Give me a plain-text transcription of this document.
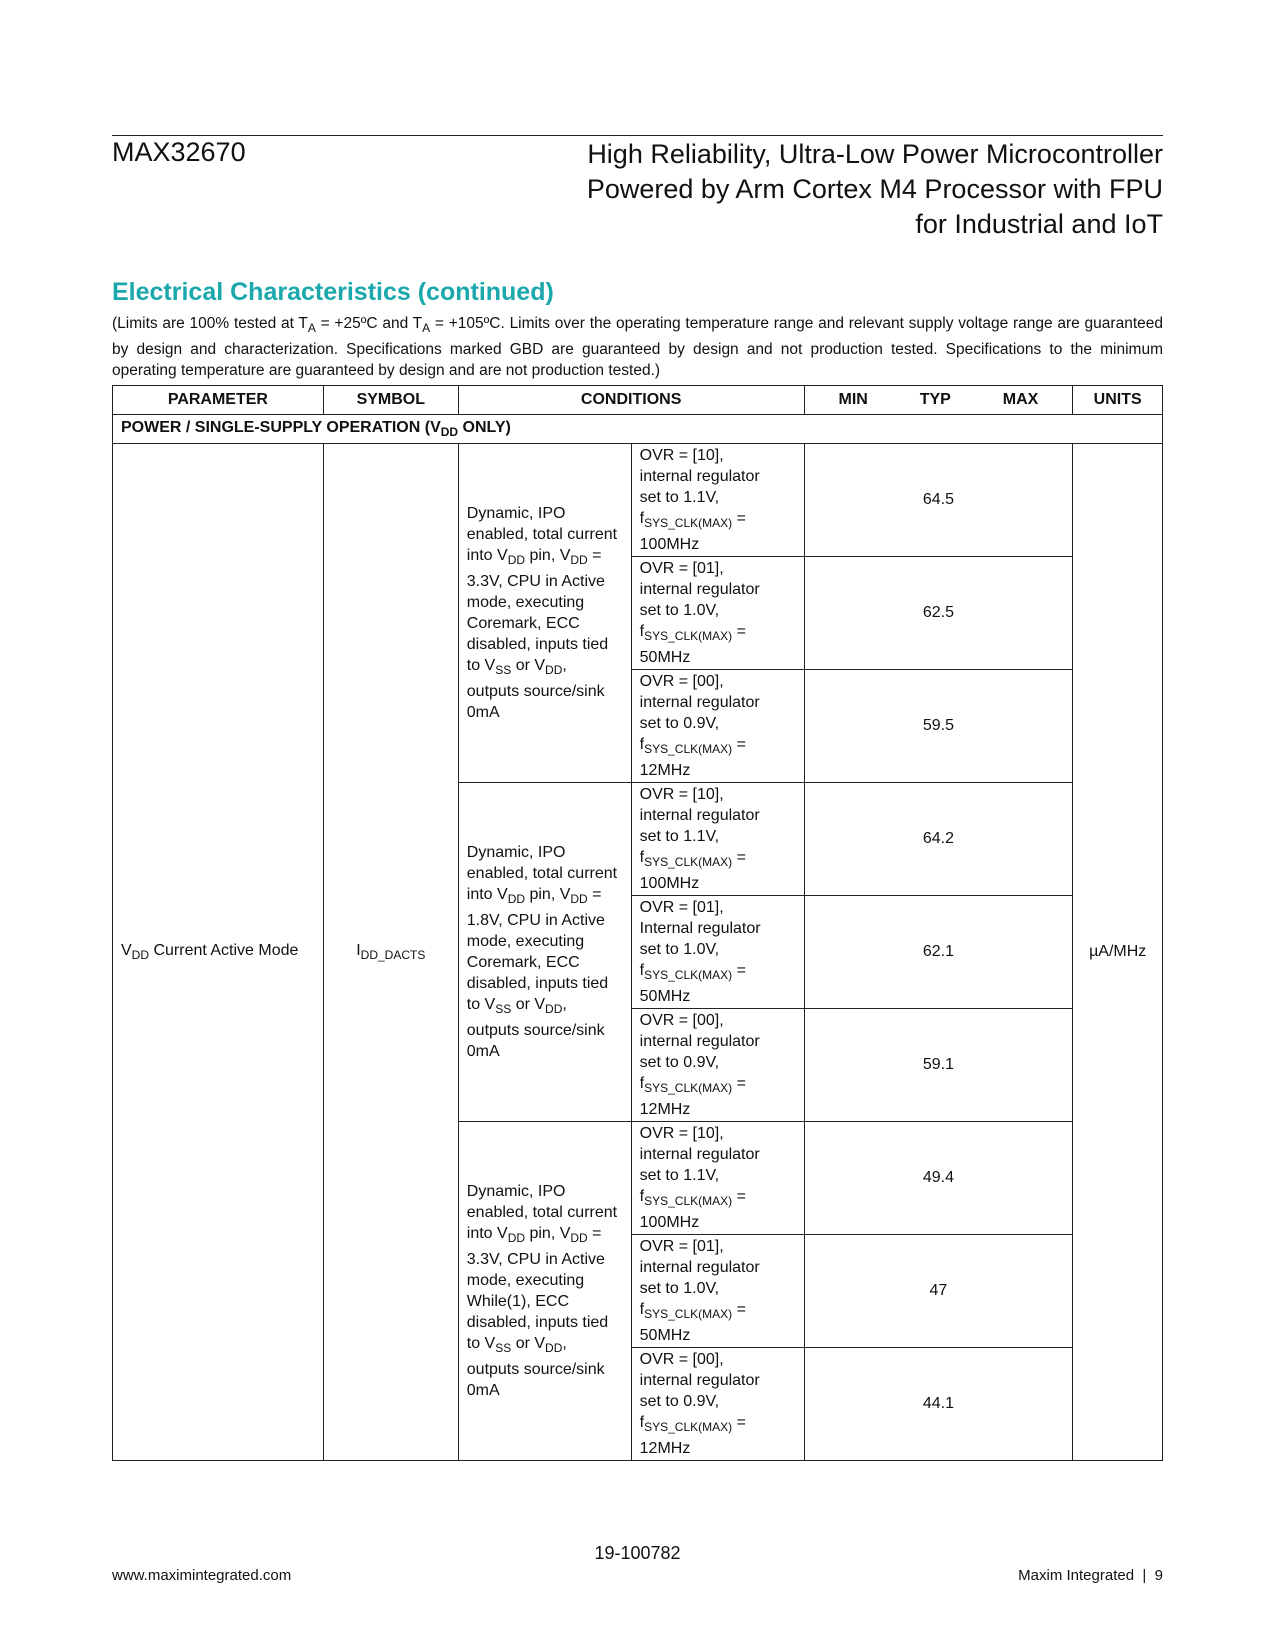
MAX32670	High Reliability, Ultra-Low Power Microcontroller
Powered by Arm Cortex M4 Processor with FPU
for Industrial and IoT
Electrical Characteristics (continued)
(Limits are 100% tested at $T_A$ = +25ºC and $T_A$ = +105ºC. Limits over the operating temperature range and relevant supply voltage range are guaranteed by design and characterization. Specifications marked GBD are guaranteed by design and not production tested. Specifications to the minimum operating temperature are guaranteed by design and are not production tested.)
PARAMETER	SYMBOL	CONDITIONS		MIN TYP MAX	UNITS
POWER / SINGLE-SUPPLY OPERATION ($V_{DD}$ ONLY)					
$V_{DD}$ Current Active Mode	$I_{DD\_DACTS}$	Dynamic, IPO enabled, total current into $V_{DD}$ pin, $V_{DD} = 3.3V$, CPU in Active mode, executing Coremark, ECC disabled, inputs tied to $V_{SS}$ or $V_{DD}$, outputs source/sink 0mA	OVR = [10],
internal regulator
set to 1.1V,
$f_{SYS\_CLK(MAX)}$ =
100MHz	64.5	µA/MHz

			OVR = [01],
internal regulator
set to 1.0V,
$f_{SYS\_CLK(MAX)}$ =
50MHz	62.5	

			OVR = [00],
internal regulator
set to 0.9V,
$f_{SYS\_CLK(MAX)}$ =
12MHz	59.5	
		Dynamic, IPO enabled, total current into $V_{DD}$ pin, $V_{DD} = 1.8V$, CPU in Active mode, executing Coremark, ECC disabled, inputs tied to $V_{SS}$ or $V_{DD}$, outputs source/sink 0mA	OVR = [10],
internal regulator
set to 1.1V,
$f_{SYS\_CLK(MAX)}$ =
100MHz	64.2	

			OVR = [01],
Internal regulator
set to 1.0V,
$f_{SYS\_CLK(MAX)}$ =
50MHz	62.1	

			OVR = [00],
internal regulator
set to 0.9V,
$f_{SYS\_CLK(MAX)}$ =
12MHz	59.1	
		Dynamic, IPO enabled, total current into $V_{DD}$ pin, $V_{DD} = 3.3V$, CPU in Active mode, executing While(1), ECC disabled, inputs tied to $V_{SS}$ or $V_{DD}$, outputs source/sink 0mA	OVR = [10],
internal regulator
set to 1.1V,
$f_{SYS\_CLK(MAX)}$ =
100MHz	49.4	

			OVR = [01],
internal regulator
set to 1.0V,
$f_{SYS\_CLK(MAX)}$ =
50MHz	47	

			OVR = [00],
internal regulator
set to 0.9V,
$f_{SYS\_CLK(MAX)}$ =
12MHz	44.1	
19-100782
www.maximintegrated.com	Maxim Integrated | 9
